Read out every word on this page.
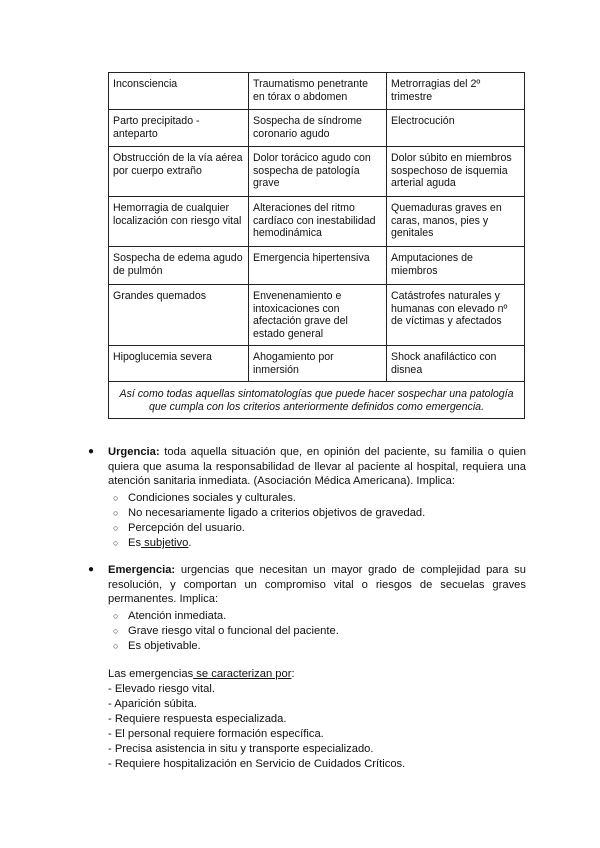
Inconsciencia	Traumatismo penetrante en tórax o abdomen	Metrorragias del 2º trimestre
Parto precipitado - anteparto	Sospecha de síndrome coronario agudo	Electrocución
Obstrucción de la vía aérea por cuerpo extraño	Dolor torácico agudo con sospecha de patología grave	Dolor súbito en miembros sospechoso de isquemia arterial aguda
Hemorragia de cualquier localización con riesgo vital	Alteraciones del ritmo cardíaco con inestabilidad hemodinámica	Quemaduras graves en caras, manos, pies y genitales
Sospecha de edema agudo de pulmón	Emergencia hipertensiva	Amputaciones de miembros
Grandes quemados	Envenenamiento e intoxicaciones con afectación grave del estado general	Catástrofes naturales y humanas con elevado nº de víctimas y afectados
Hipoglucemia severa	Ahogamiento por inmersión	Shock anafiláctico con disnea
Así como todas aquellas sintomatologías que puede hacer sospechar una patología que cumpla con los criterios anteriormente definidos como emergencia.		
● Urgencia: toda aquella situación que, en opinión del paciente, su familia o quien quiera que asuma la responsabilidad de llevar al paciente al hospital, requiera una atención sanitaria inmediata. (Asociación Médica Americana). Implica:
○ Condiciones sociales y culturales.
○ No necesariamente ligado a criterios objetivos de gravedad.
○ Percepción del usuario.
○ Es subjetivo.
● Emergencia: urgencias que necesitan un mayor grado de complejidad para su resolución, y comportan un compromiso vital o riesgos de secuelas graves permanentes. Implica:
○ Atención inmediata.
○ Grave riesgo vital o funcional del paciente.
○ Es objetivable.
Las emergencias se caracterizan por:
- Elevado riesgo vital.
- Aparición súbita.
- Requiere respuesta especializada.
- El personal requiere formación específica.
- Precisa asistencia in situ y transporte especializado.
- Requiere hospitalización en Servicio de Cuidados Críticos.
